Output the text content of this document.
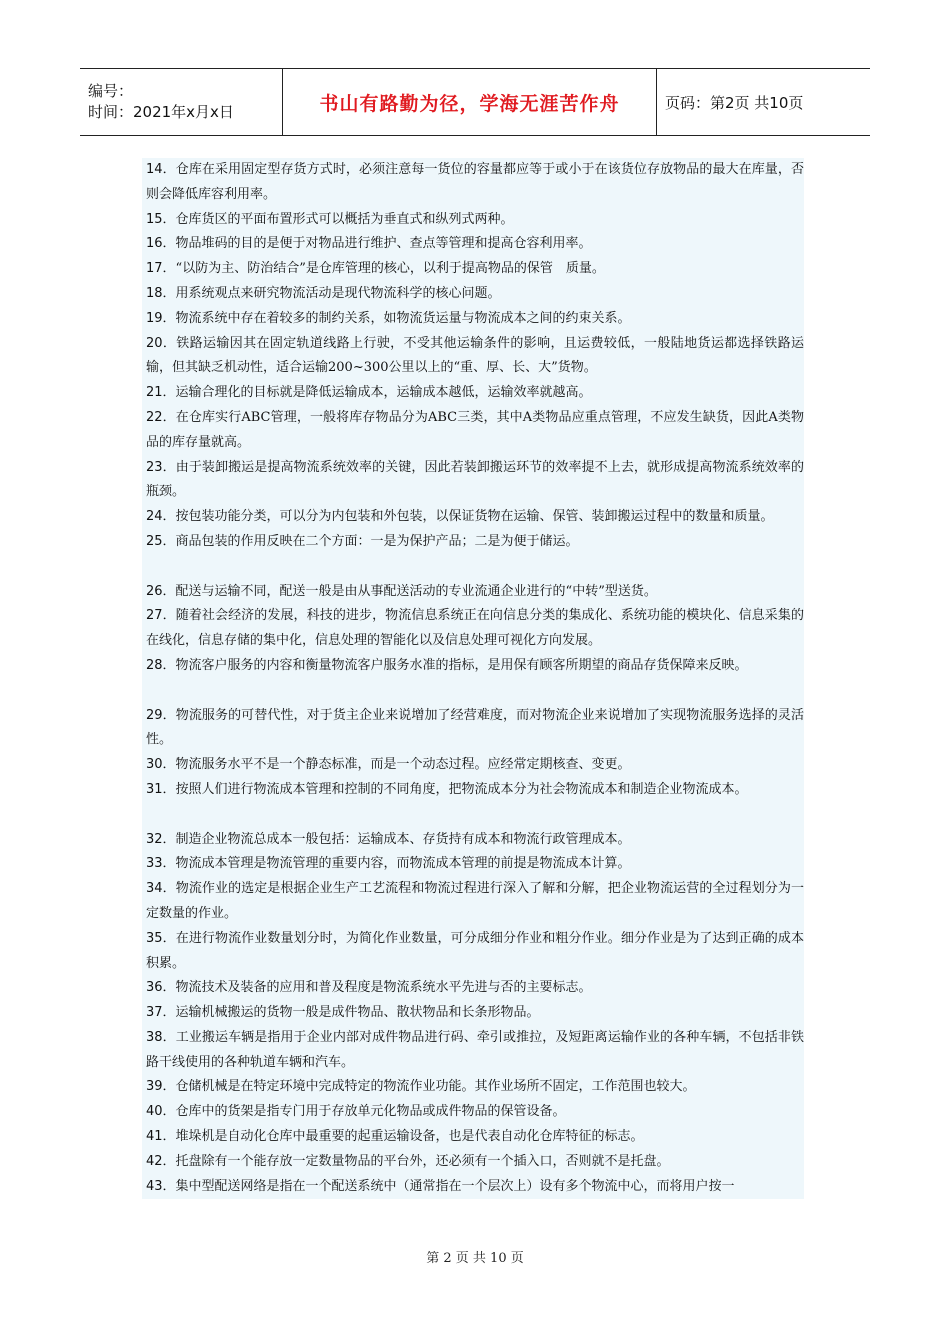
编号：
时间：2021年x月x日	书山有路勤为径，学海无涯苦作舟	页码：第2页 共10页

14．仓库在采用固定型存货方式时，必须注意每一货位的容量都应等于或小于在该货位存放物品的最大在库量，否则会降低库容利用率。

15．仓库货区的平面布置形式可以概括为垂直式和纵列式两种。

16．物品堆码的目的是便于对物品进行维护、查点等管理和提高仓容利用率。

17．“以防为主、防治结合”是仓库管理的核心，以利于提高物品的保管　质量。

18．用系统观点来研究物流活动是现代物流科学的核心问题。

19．物流系统中存在着较多的制约关系，如物流货运量与物流成本之间的约束关系。

20．铁路运输因其在固定轨道线路上行驶，不受其他运输条件的影响，且运费较低，一般陆地货运都选择铁路运输，但其缺乏机动性，适合运输200~300公里以上的“重、厚、长、大”货物。

21．运输合理化的目标就是降低运输成本，运输成本越低，运输效率就越高。

22．在仓库实行ABC管理，一般将库存物品分为ABC三类，其中A类物品应重点管理，不应发生缺货，因此A类物品的库存量就高。

23．由于装卸搬运是提高物流系统效率的关键，因此若装卸搬运环节的效率提不上去，就形成提高物流系统效率的瓶颈。

24．按包装功能分类，可以分为内包装和外包装，以保证货物在运输、保管、装卸搬运过程中的数量和质量。

25．商品包装的作用反映在二个方面：一是为保护产品；二是为便于储运。

26．配送与运输不同，配送一般是由从事配送活动的专业流通企业进行的“中转”型送货。

27．随着社会经济的发展，科技的进步，物流信息系统正在向信息分类的集成化、系统功能的模块化、信息采集的在线化，信息存储的集中化，信息处理的智能化以及信息处理可视化方向发展。

28．物流客户服务的内容和衡量物流客户服务水准的指标，是用保有顾客所期望的商品存货保障来反映。

29．物流服务的可替代性，对于货主企业来说增加了经营难度，而对物流企业来说增加了实现物流服务选择的灵活性。

30．物流服务水平不是一个静态标准，而是一个动态过程。应经常定期核查、变更。

31．按照人们进行物流成本管理和控制的不同角度，把物流成本分为社会物流成本和制造企业物流成本。

32．制造企业物流总成本一般包括：运输成本、存货持有成本和物流行政管理成本。

33．物流成本管理是物流管理的重要内容，而物流成本管理的前提是物流成本计算。

34．物流作业的选定是根据企业生产工艺流程和物流过程进行深入了解和分解，把企业物流运营的全过程划分为一定数量的作业。

35．在进行物流作业数量划分时，为简化作业数量，可分成细分作业和粗分作业。细分作业是为了达到正确的成本积累。

36．物流技术及装备的应用和普及程度是物流系统水平先进与否的主要标志。

37．运输机械搬运的货物一般是成件物品、散状物品和长条形物品。

38．工业搬运车辆是指用于企业内部对成件物品进行码、牵引或推拉，及短距离运输作业的各种车辆，不包括非铁路干线使用的各种轨道车辆和汽车。

39．仓储机械是在特定环境中完成特定的物流作业功能。其作业场所不固定，工作范围也较大。

40．仓库中的货架是指专门用于存放单元化物品或成件物品的保管设备。

41．堆垛机是自动化仓库中最重要的起重运输设备，也是代表自动化仓库特征的标志。

42．托盘除有一个能存放一定数量物品的平台外，还必须有一个插入口，否则就不是托盘。

43．集中型配送网络是指在一个配送系统中（通常指在一个层次上）设有多个物流中心，而将用户按一

第 2 页 共 10 页
